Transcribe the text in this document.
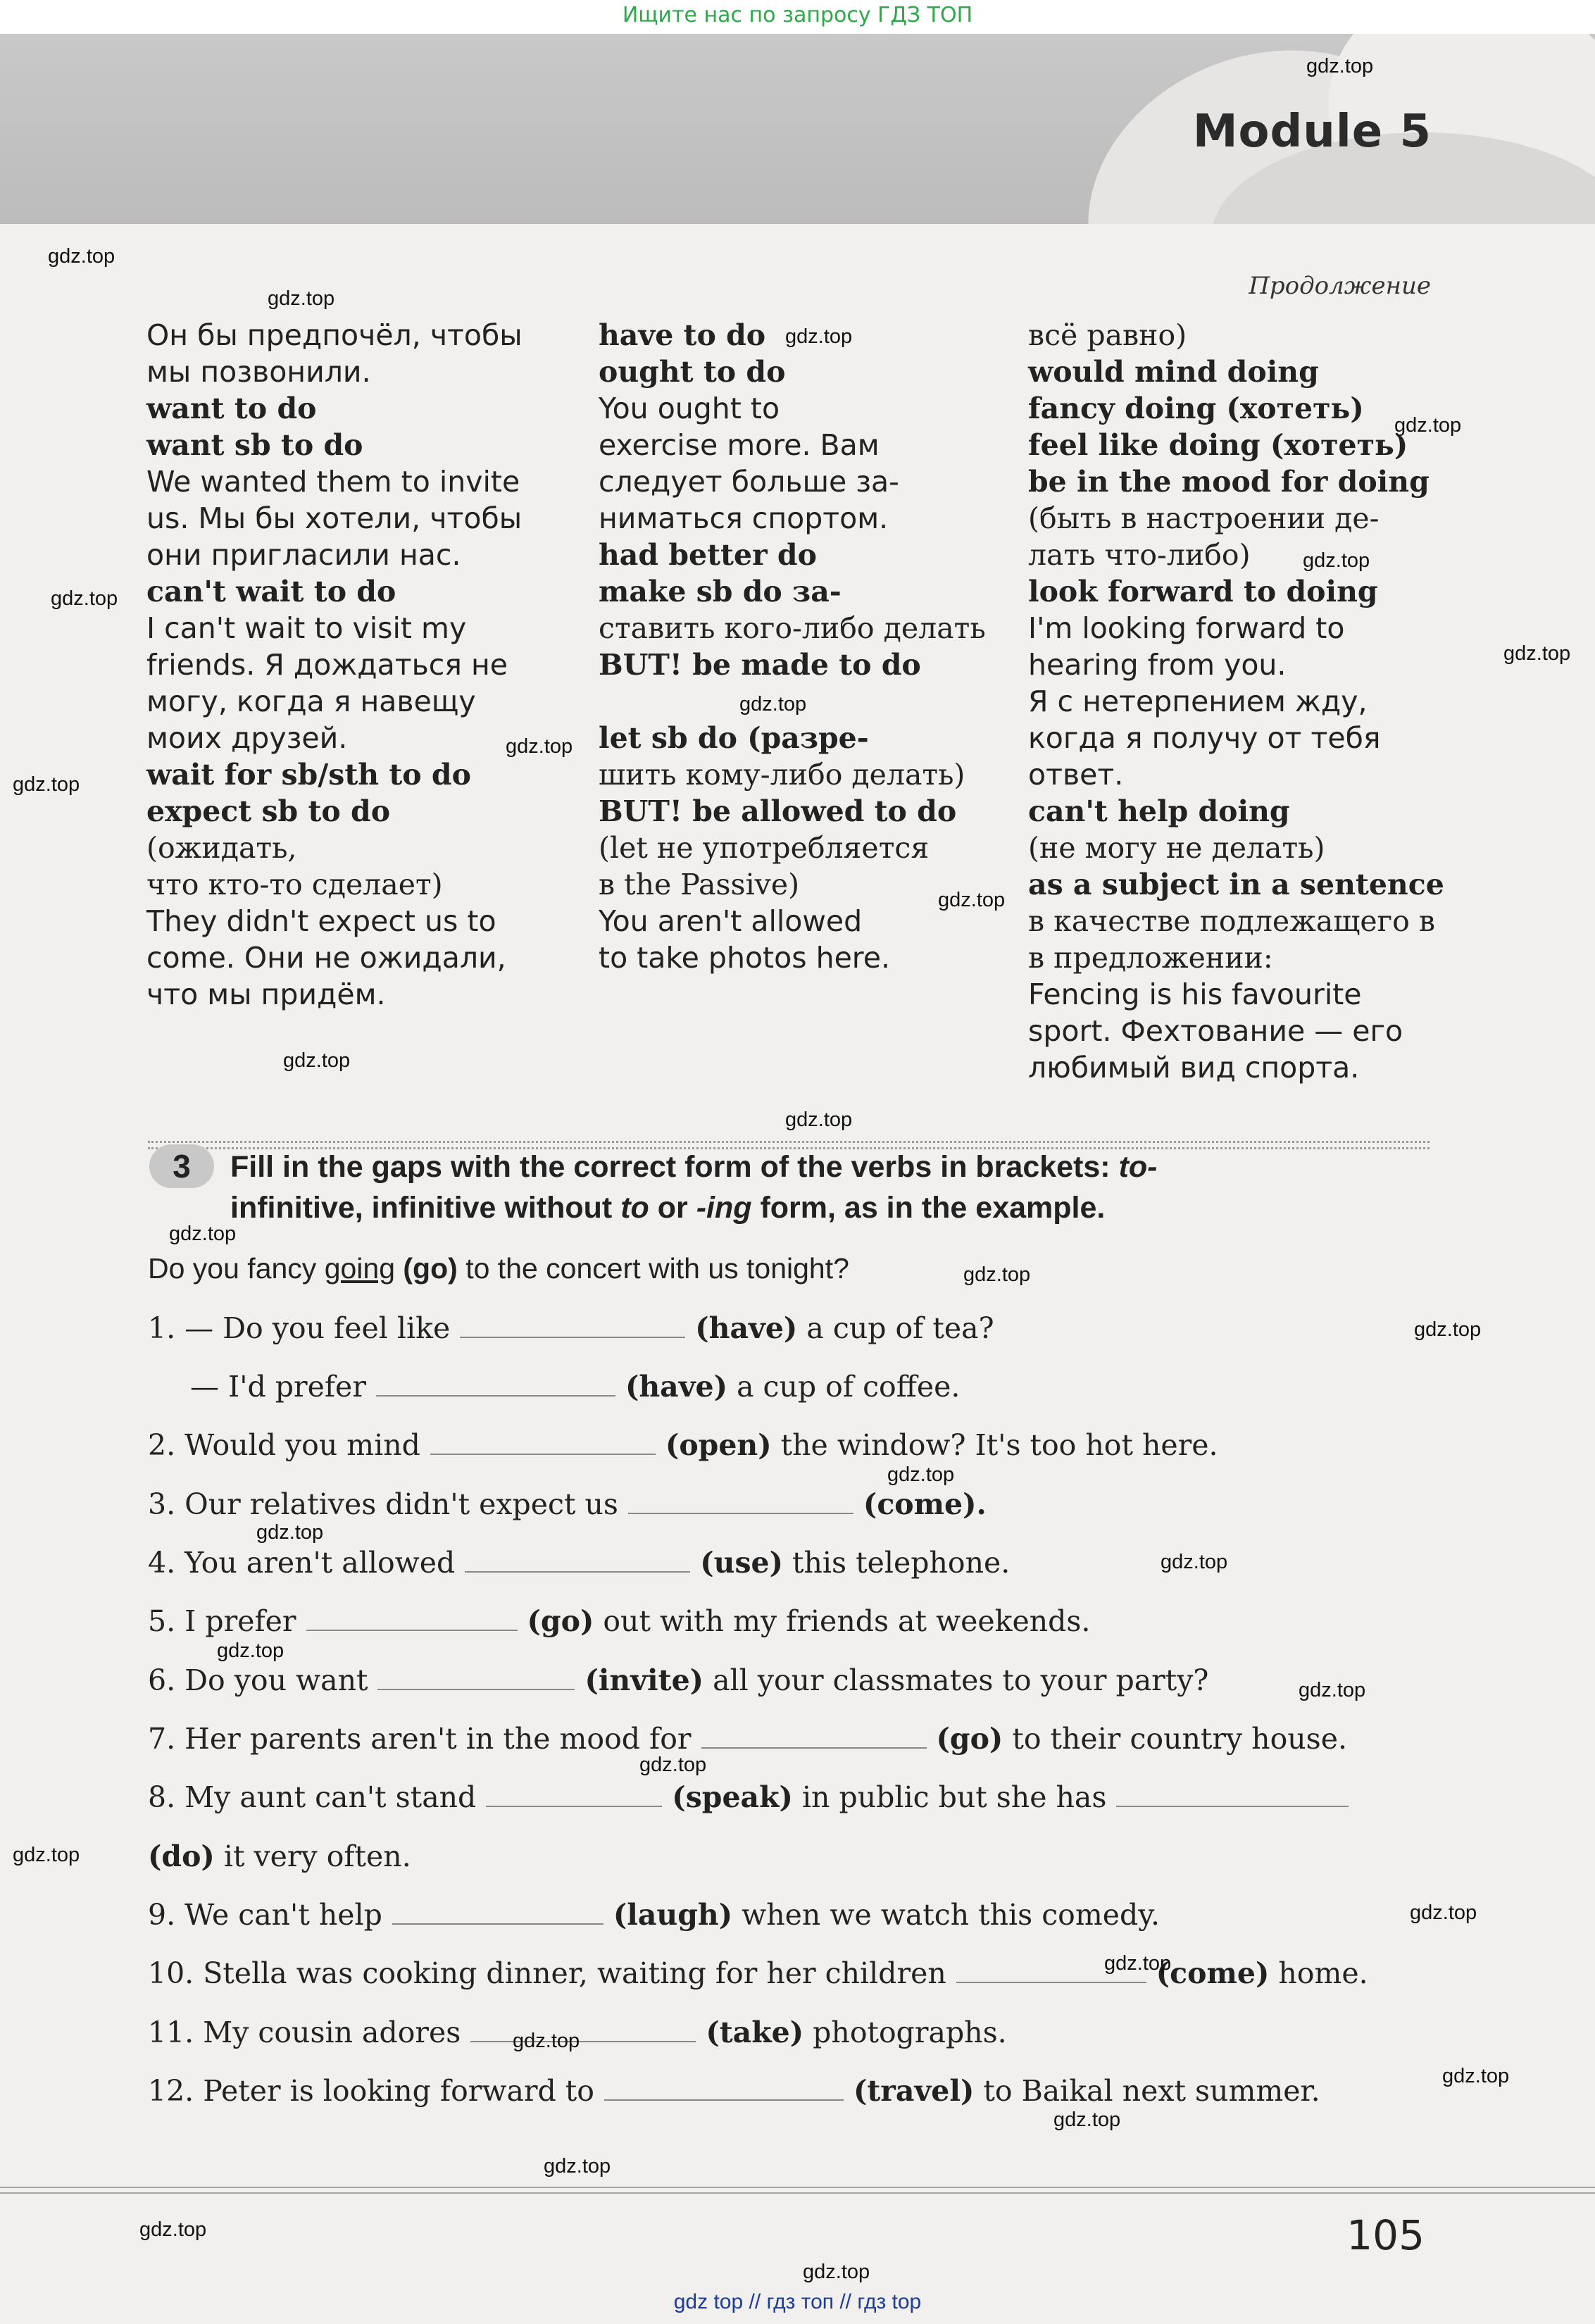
Ищите нас по запросу ГДЗ ТОП
Module 5
Продолжение
Он бы предпочёл, чтобы
мы позвонили.
want to do
want sb to do
We wanted them to invite
us. Мы бы хотели, чтобы
они пригласили нас.
can't wait to do
I can't wait to visit my
friends. Я дождаться не
могу, когда я навещу
моих друзей.
wait for sb/sth to do
expect sb to do
(ожидать,
что кто-то сделает)
They didn't expect us to
come. Они не ожидали,
что мы придём.
have to do
ought to do
You ought to
exercise more. Вам
следует больше за-
ниматься спортом.
had better do
make sb do за-
ставить кого-либо делать
BUT! be made to do

let sb do (разре-
шить кому-либо делать)
BUT! be allowed to do
(let не употребляется
в the Passive)
You aren't allowed
to take photos here.
всё равно)
would mind doing
fancy doing (хотеть)
feel like doing (хотеть)
be in the mood for doing
(быть в настроении де-
лать что-либо)
look forward to doing
I'm looking forward to
hearing from you.
Я с нетерпением жду,
когда я получу от тебя
ответ.
can't help doing
(не могу не делать)
as a subject in a sentence
в качестве подлежащего в
в предложении:
Fencing is his favourite
sport. Фехтование — его
любимый вид спорта.
3	Fill in the gaps with the correct form of the verbs in brackets: to-
infinitive, infinitive without to or -ing form, as in the example.
Do you fancy going (go) to the concert with us tonight?
1. — Do you feel like	(have) a cup of tea?
— I'd prefer	(have) a cup of coffee.
2. Would you mind	(open) the window? It's too hot here.
3. Our relatives didn't expect us	(come).
4. You aren't allowed	(use) this telephone.
5. I prefer	(go) out with my friends at weekends.
6. Do you want	(invite) all your classmates to your party?
7. Her parents aren't in the mood for	(go) to their country house.
8. My aunt can't stand	(speak) in public but she has
(do) it very often.
9. We can't help	(laugh) when we watch this comedy.
10. Stella was cooking dinner, waiting for her children	(come) home.
11. My cousin adores	(take) photographs.
12. Peter is looking forward to	(travel) to Baikal next summer.
gdz.top
gdz.top
gdz.top
gdz.top
gdz.top
gdz.top
gdz.top
gdz.top
gdz.top
gdz.top
gdz.top
gdz.top
gdz.top
gdz.top
gdz.top
gdz.top
gdz.top
gdz.top
gdz.top
gdz.top
gdz.top
gdz.top
gdz.top
gdz.top
gdz.top
gdz.top
gdz.top
gdz.top
gdz.top
gdz.top
gdz.top
gdz.top
105
gdz top // гдз топ // гдз top
